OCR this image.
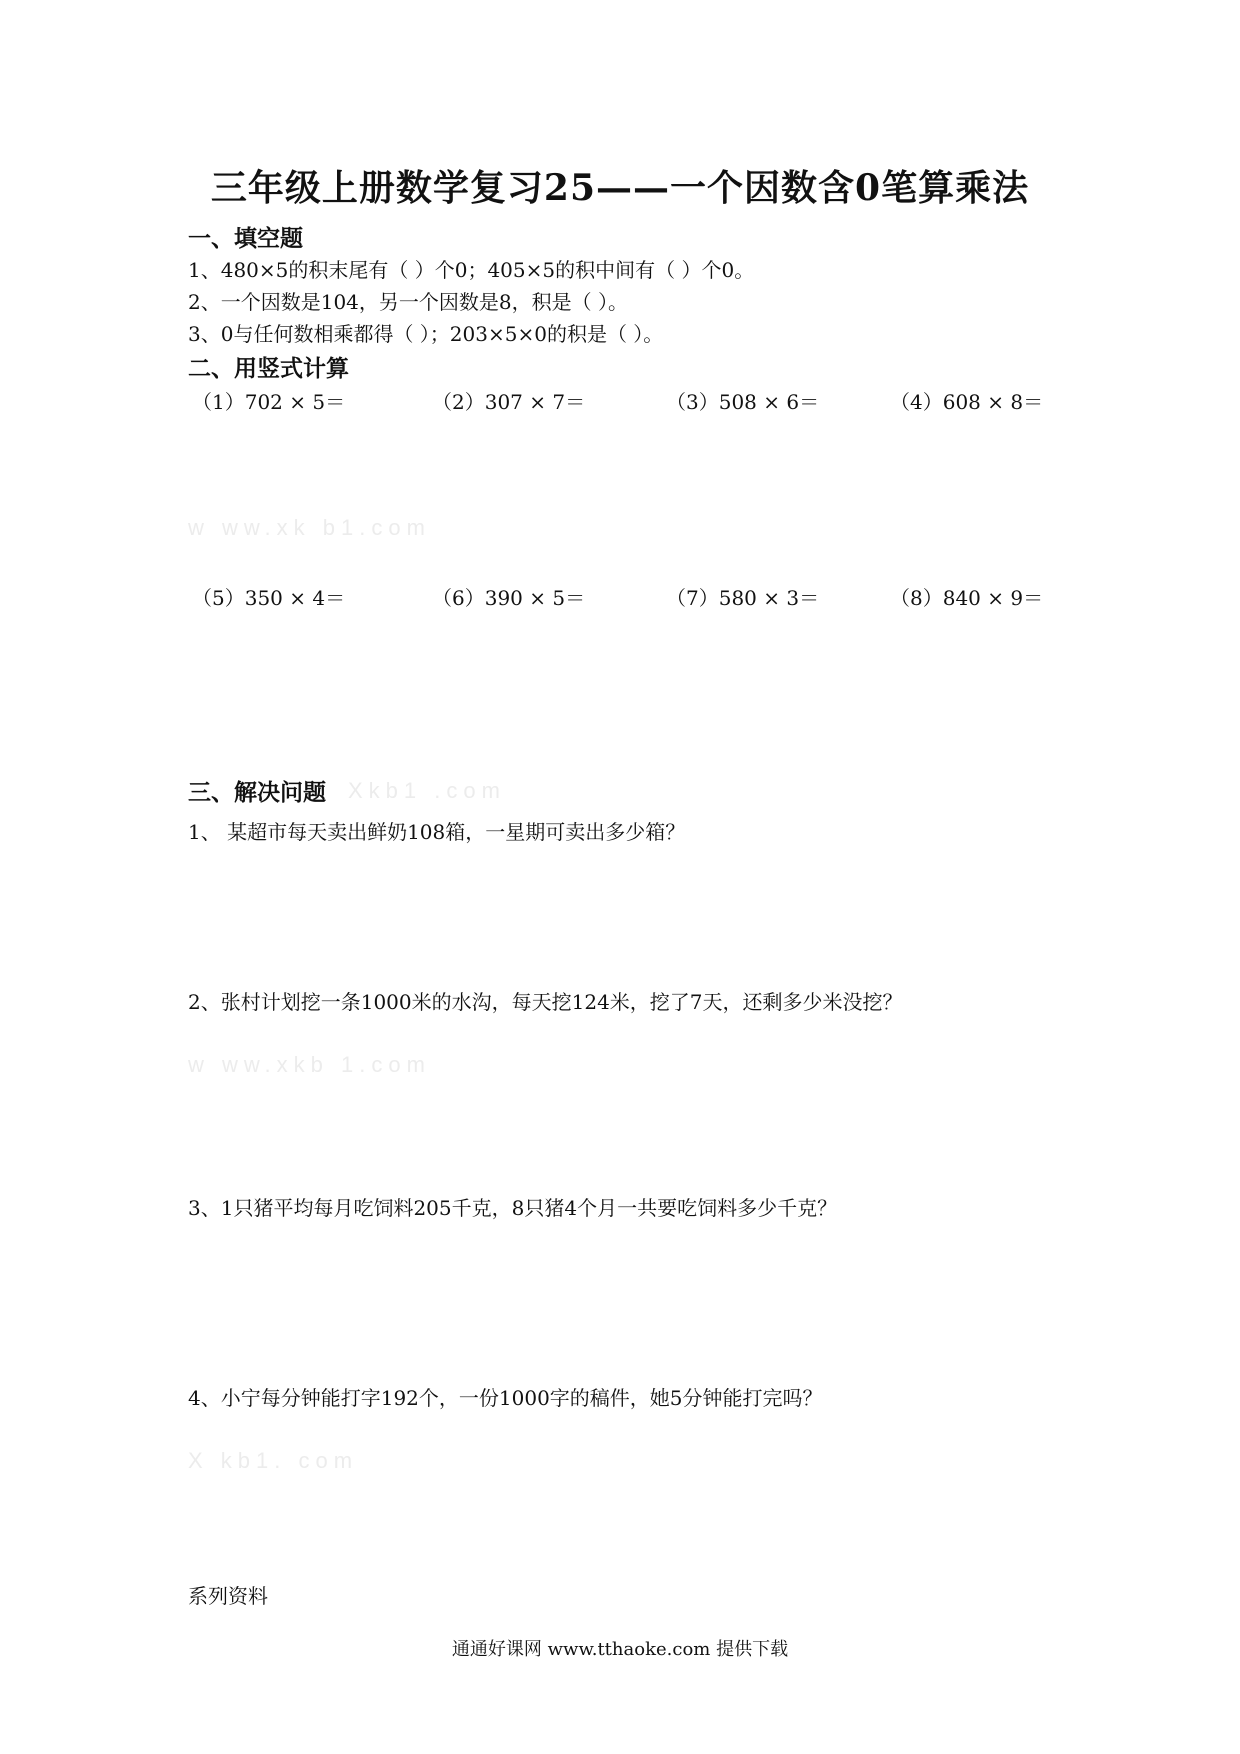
三年级上册数学复习25——一个因数含0笔算乘法
一、填空题
1、480×5的积末尾有（ ）个0；405×5的积中间有（ ）个0。
2、一个因数是104，另一个因数是8，积是（ ）。
3、0与任何数相乘都得（ ）；203×5×0的积是（ ）。
二、用竖式计算
（1）702 × 5＝	（2）307 × 7＝	（3）508 × 6＝	（4）608 × 8＝
w ww.xk b1.com
（5）350 × 4＝	（6）390 × 5＝	（7）580 × 3＝	（8）840 × 9＝
三、解决问题 Xkb1 .com
1、 某超市每天卖出鲜奶108箱，一星期可卖出多少箱？
2、张村计划挖一条1000米的水沟，每天挖124米，挖了7天，还剩多少米没挖？
w ww.xkb 1.com
3、1只猪平均每月吃饲料205千克，8只猪4个月一共要吃饲料多少千克？
4、小宁每分钟能打字192个，一份1000字的稿件，她5分钟能打完吗？
X kb1. com
系列资料
通通好课网 www.tthaoke.com 提供下载
